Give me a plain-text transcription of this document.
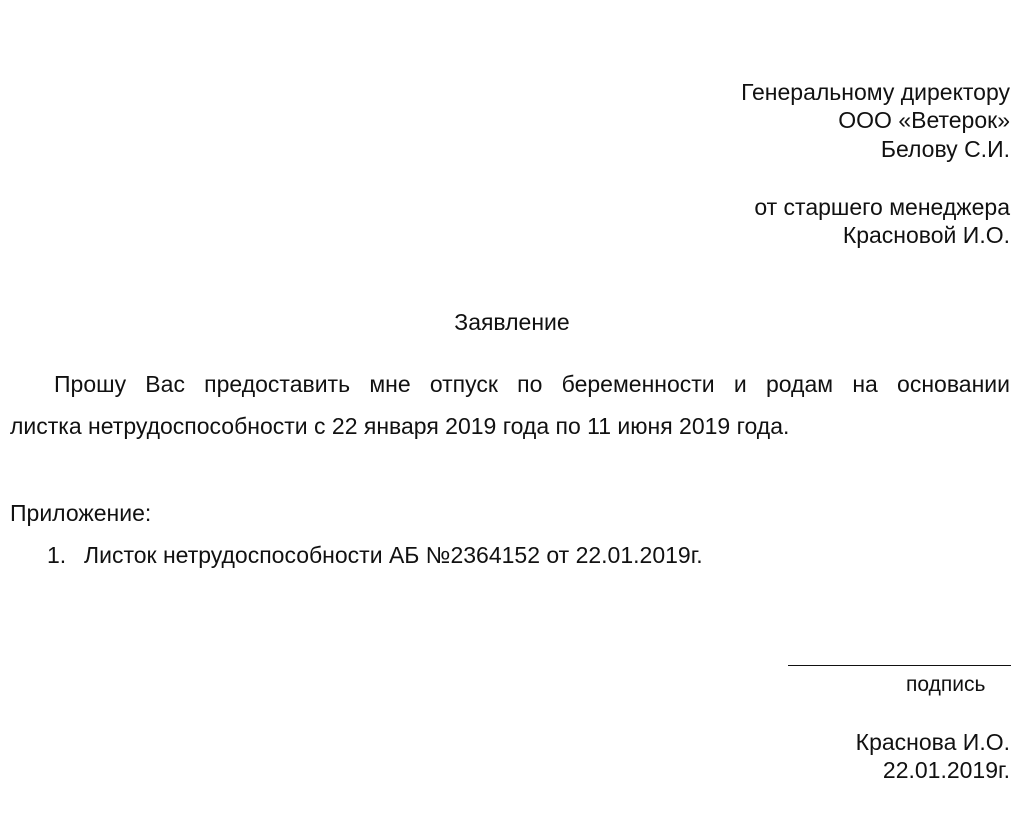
Генеральному директору

ООО «Ветерок»

Белову С.И.

от старшего менеджера

Красновой И.О.

Заявление

Прошу Вас предоставить мне отпуск по беременности и родам на основании

листка нетрудоспособности с 22 января 2019 года по 11 июня 2019 года.

Приложение:

1. Листок нетрудоспособности АБ №2364152 от 22.01.2019г.

подпись

Краснова И.О.

22.01.2019г.
